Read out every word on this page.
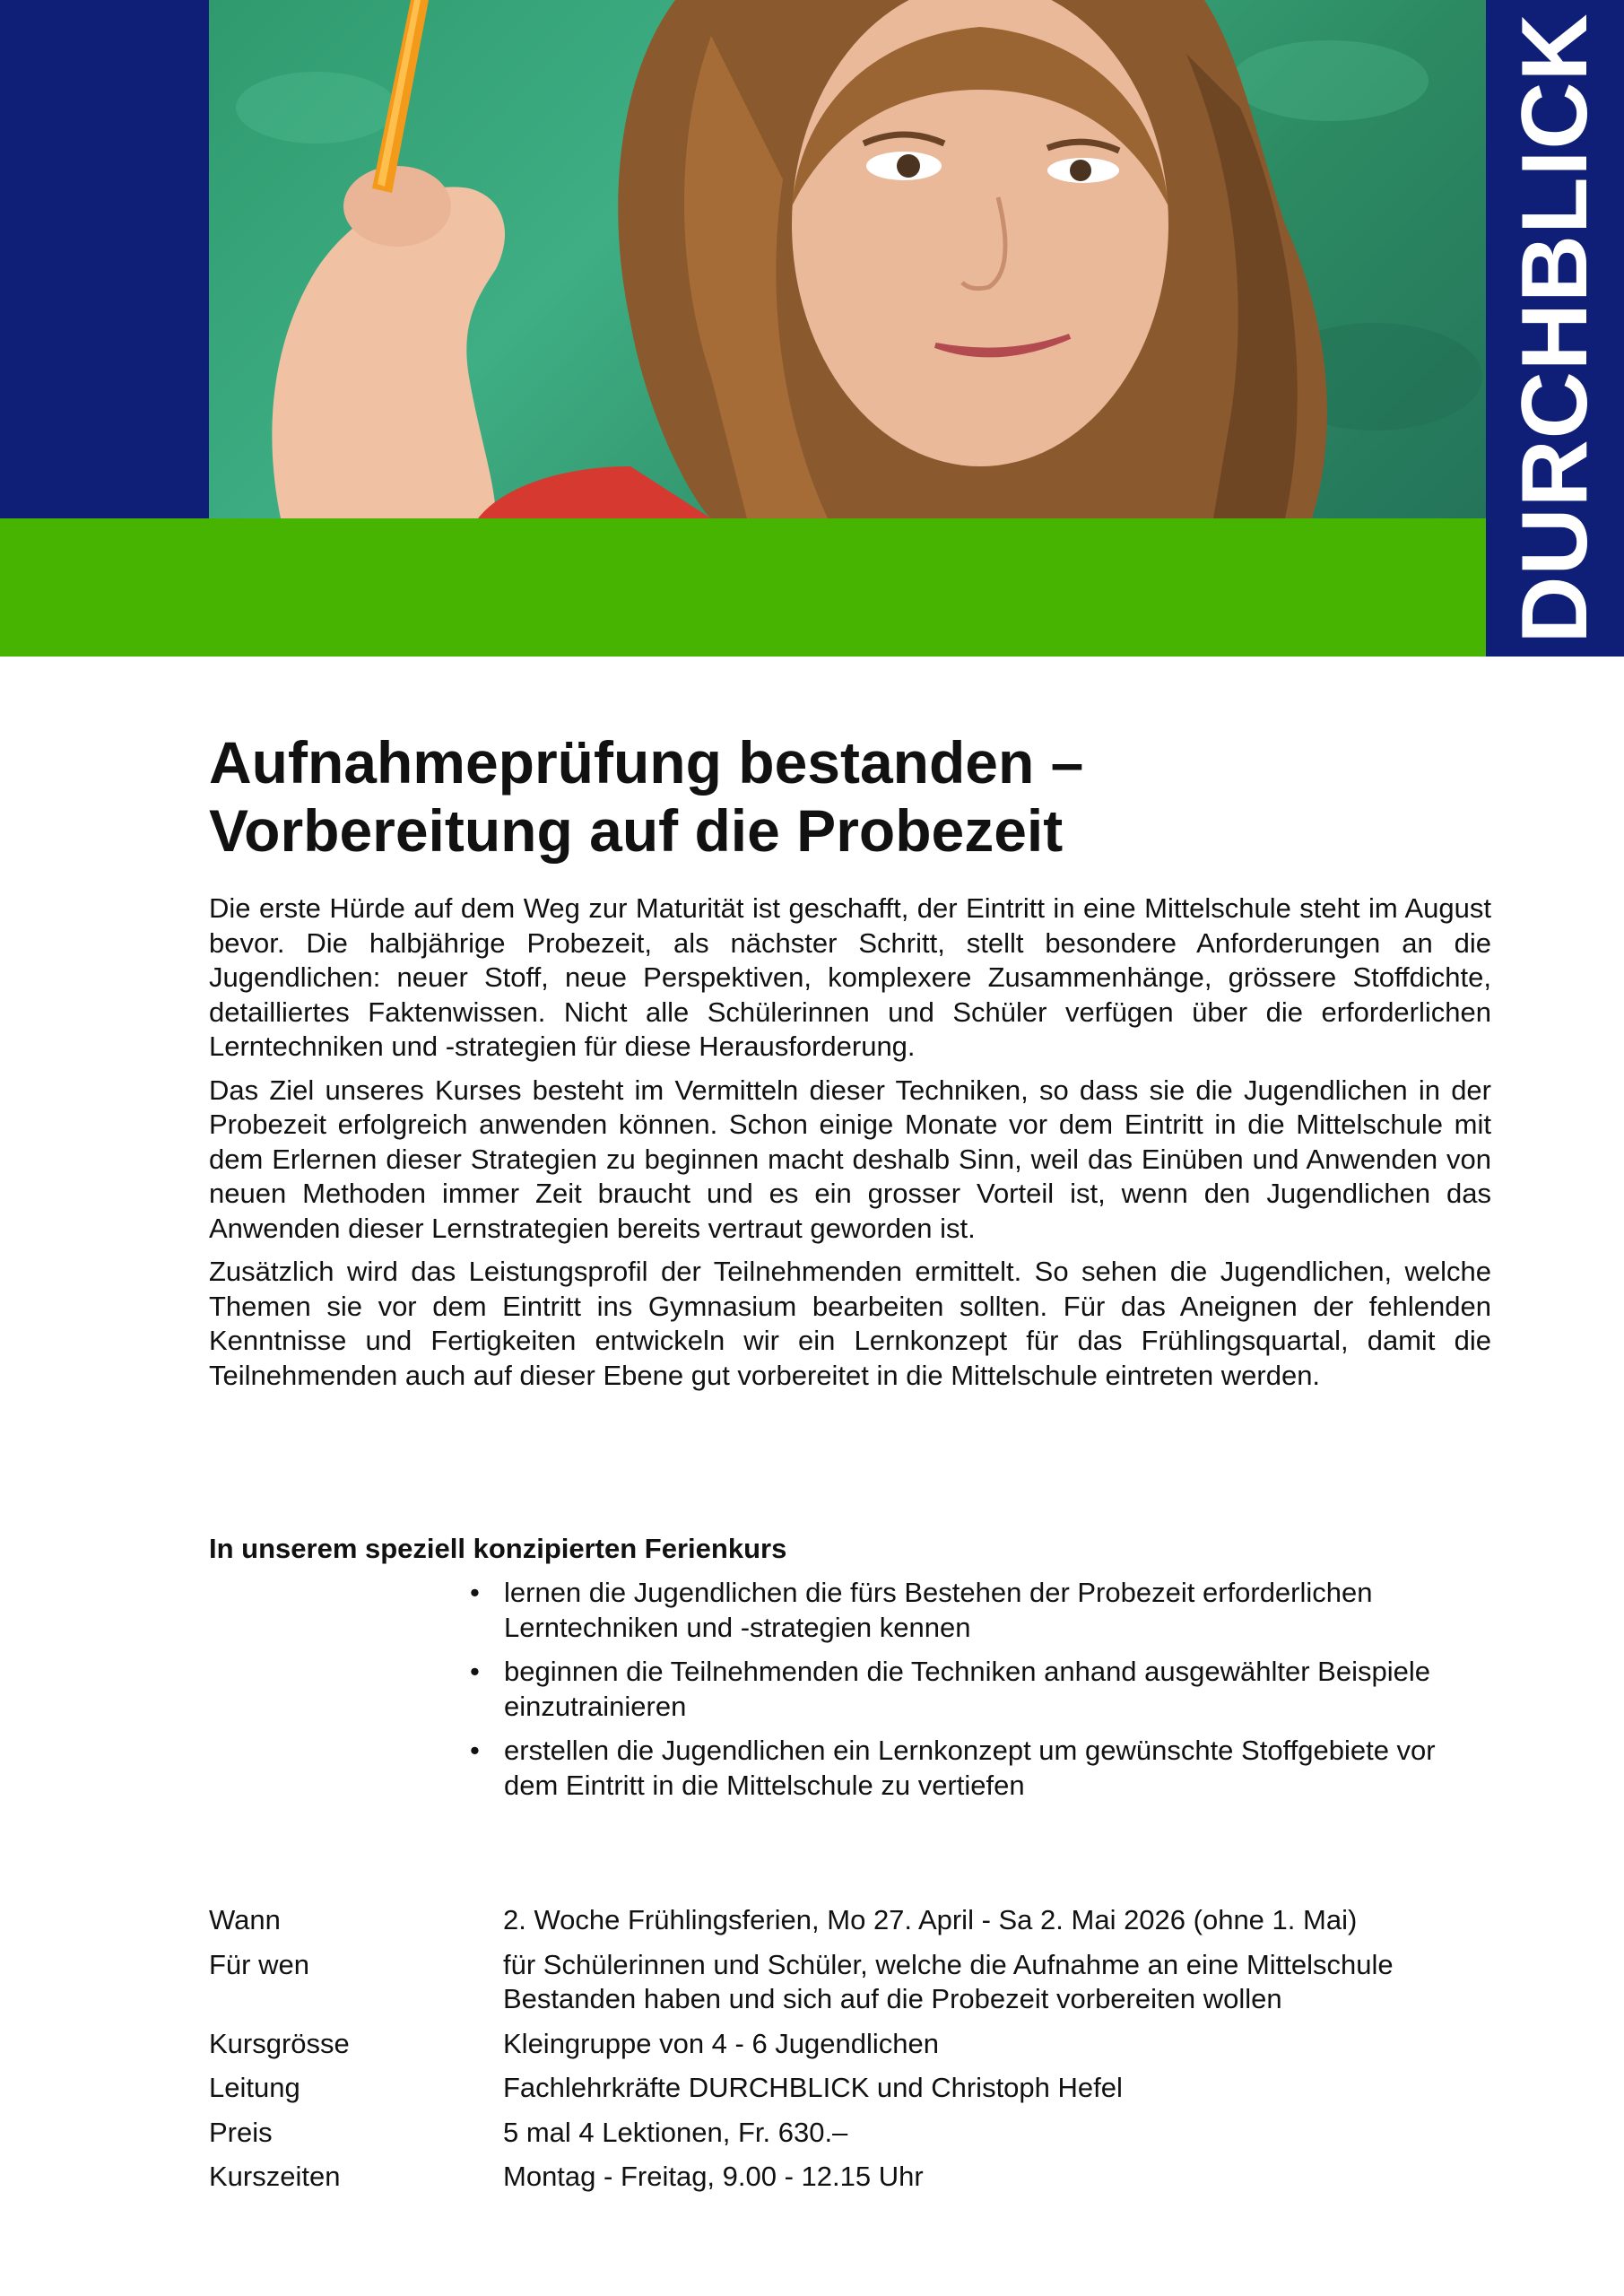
DURCHBLICK
Aufnahmeprüfung bestanden –
Vorbereitung auf die Probezeit

Die erste Hürde auf dem Weg zur Maturität ist geschafft, der Eintritt in eine Mittelschule steht im August bevor. Die halbjährige Probezeit, als nächster Schritt, stellt besondere Anforderungen an die Jugendlichen: neuer Stoff, neue Perspektiven, komplexere Zusammenhänge, grössere Stoffdichte, detailliertes Faktenwissen. Nicht alle Schülerinnen und Schüler verfügen über die erforderlichen Lerntechniken und -strategien für diese Herausforderung.

Das Ziel unseres Kurses besteht im Vermitteln dieser Techniken, so dass sie die Jugendlichen in der Probezeit erfolgreich anwenden können. Schon einige Monate vor dem Eintritt in die Mittelschule mit dem Erlernen dieser Strategien zu beginnen macht deshalb Sinn, weil das Einüben und Anwenden von neuen Methoden immer Zeit braucht und es ein grosser Vorteil ist, wenn den Jugendlichen das Anwenden dieser Lernstrategien bereits vertraut geworden ist.

Zusätzlich wird das Leistungsprofil der Teilnehmenden ermittelt. So sehen die Jugendlichen, welche Themen sie vor dem Eintritt ins Gymnasium bearbeiten sollten. Für das Aneignen der fehlenden Kenntnisse und Fertigkeiten entwickeln wir ein Lernkonzept für das Frühlingsquartal, damit die Teilnehmenden auch auf dieser Ebene gut vorbereitet in die Mittelschule eintreten werden.

In unserem speziell konzipierten Ferienkurs
• lernen die Jugendlichen die fürs Bestehen der Probezeit erforderlichen Lerntechniken und -strategien kennen
• beginnen die Teilnehmenden die Techniken anhand ausgewählter Beispiele einzutrainieren
• erstellen die Jugendlichen ein Lernkonzept um gewünschte Stoffgebiete vor dem Eintritt in die Mittelschule zu vertiefen
Wann	2. Woche Frühlingsferien, Mo 27. April - Sa 2. Mai 2026 (ohne 1. Mai)
Für wen	für Schülerinnen und Schüler, welche die Aufnahme an eine Mittelschule Bestanden haben und sich auf die Probezeit vorbereiten wollen
Kursgrösse	Kleingruppe von 4 - 6 Jugendlichen
Leitung	Fachlehrkräfte DURCHBLICK und Christoph Hefel
Preis	5 mal 4 Lektionen, Fr. 630.–
Kurszeiten	Montag - Freitag, 9.00 - 12.15 Uhr
